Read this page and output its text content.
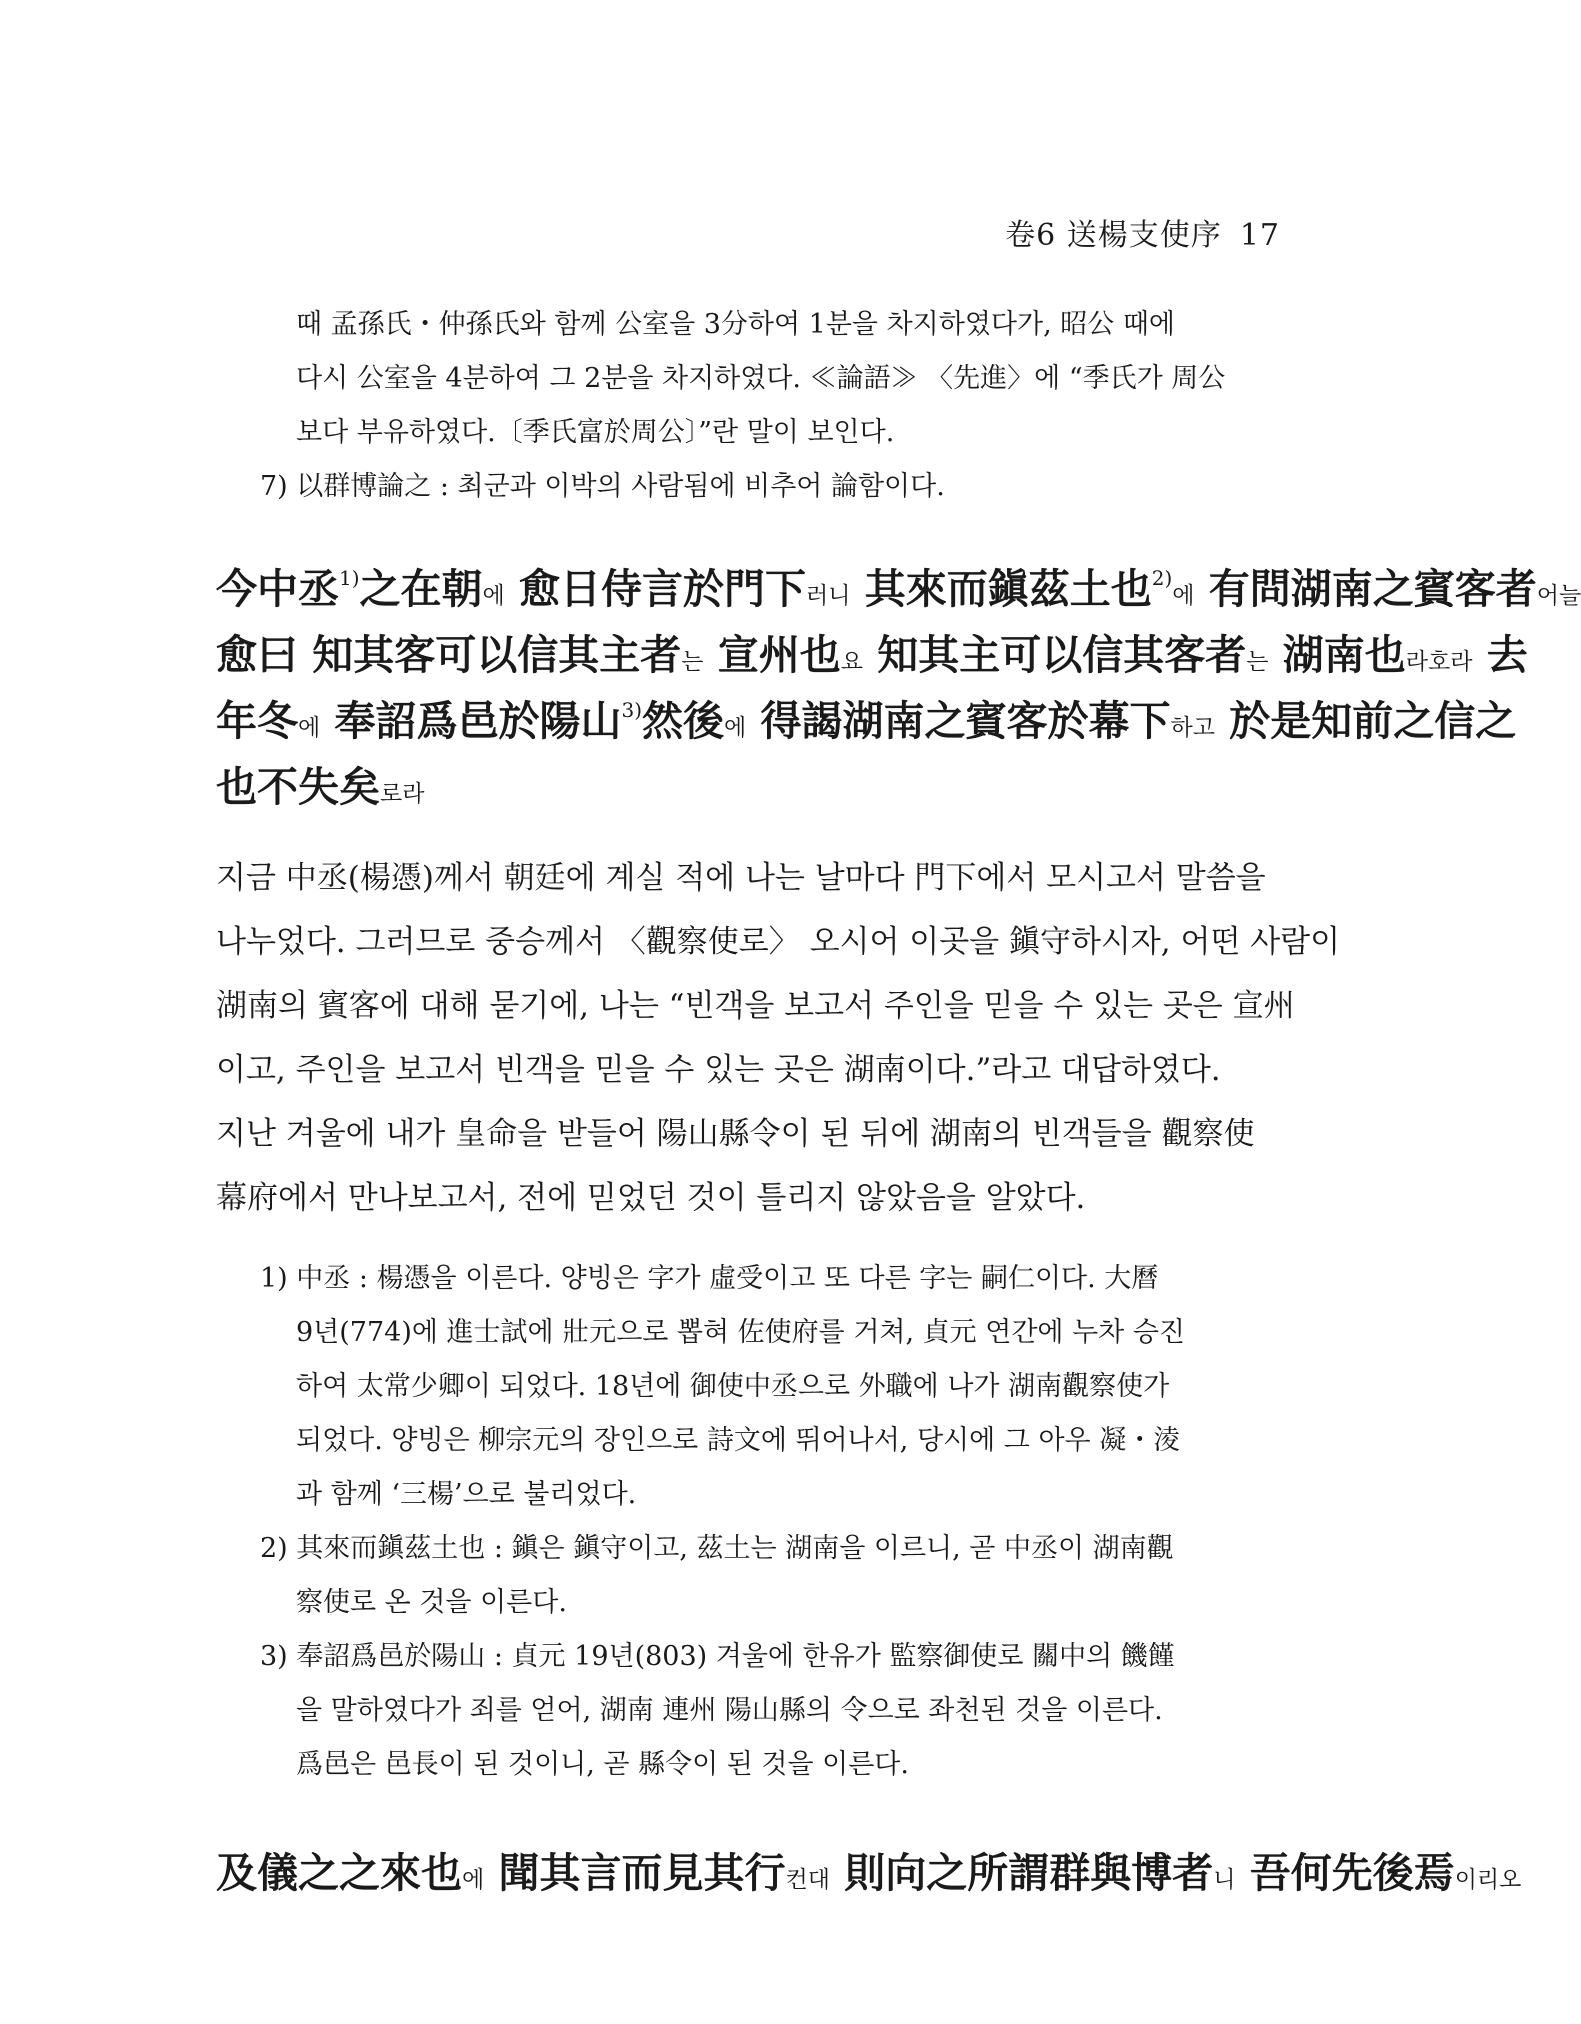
卷6 送楊支使序 17
때 孟孫氏・仲孫氏와 함께 公室을 3分하여 1분을 차지하였다가, 昭公 때에
다시 公室을 4분하여 그 2분을 차지하였다. ≪論語≫ 〈先進〉에 “季氏가 周公
보다 부유하였다.〔季氏富於周公〕”란 말이 보인다.
7) 以群博論之 : 최군과 이박의 사람됨에 비추어 論함이다.
今中丞$^{1)}$之在朝에 愈日侍言於門下러니 其來而鎭茲土也$^{2)}$에 有問湖南之賓客者어늘
愈曰 知其客可以信其主者는 宣州也요 知其主可以信其客者는 湖南也라호라 去
年冬에 奉詔爲邑於陽山$^{3)}$然後에 得謁湖南之賓客於幕下하고 於是知前之信之
也不失矣로라
지금 中丞(楊憑)께서 朝廷에 계실 적에 나는 날마다 門下에서 모시고서 말씀을
나누었다. 그러므로 중승께서 〈觀察使로〉 오시어 이곳을 鎭守하시자, 어떤 사람이
湖南의 賓客에 대해 묻기에, 나는 “빈객을 보고서 주인을 믿을 수 있는 곳은 宣州
이고, 주인을 보고서 빈객을 믿을 수 있는 곳은 湖南이다.”라고 대답하였다.
지난 겨울에 내가 皇命을 받들어 陽山縣令이 된 뒤에 湖南의 빈객들을 觀察使
幕府에서 만나보고서, 전에 믿었던 것이 틀리지 않았음을 알았다.
1) 中丞 : 楊憑을 이른다. 양빙은 字가 虛受이고 또 다른 字는 嗣仁이다. 大曆
9년(774)에 進士試에 壯元으로 뽑혀 佐使府를 거쳐, 貞元 연간에 누차 승진
하여 太常少卿이 되었다. 18년에 御使中丞으로 外職에 나가 湖南觀察使가
되었다. 양빙은 柳宗元의 장인으로 詩文에 뛰어나서, 당시에 그 아우 凝・淩
과 함께 ‘三楊’으로 불리었다.
2) 其來而鎭茲土也 : 鎭은 鎭守이고, 茲土는 湖南을 이르니, 곧 中丞이 湖南觀
察使로 온 것을 이른다.
3) 奉詔爲邑於陽山 : 貞元 19년(803) 겨울에 한유가 監察御使로 關中의 饑饉
을 말하였다가 죄를 얻어, 湖南 連州 陽山縣의 令으로 좌천된 것을 이른다.
爲邑은 邑長이 된 것이니, 곧 縣令이 된 것을 이른다.
及儀之之來也에 聞其言而見其行컨대 則向之所謂群與博者니 吾何先後焉이리오
